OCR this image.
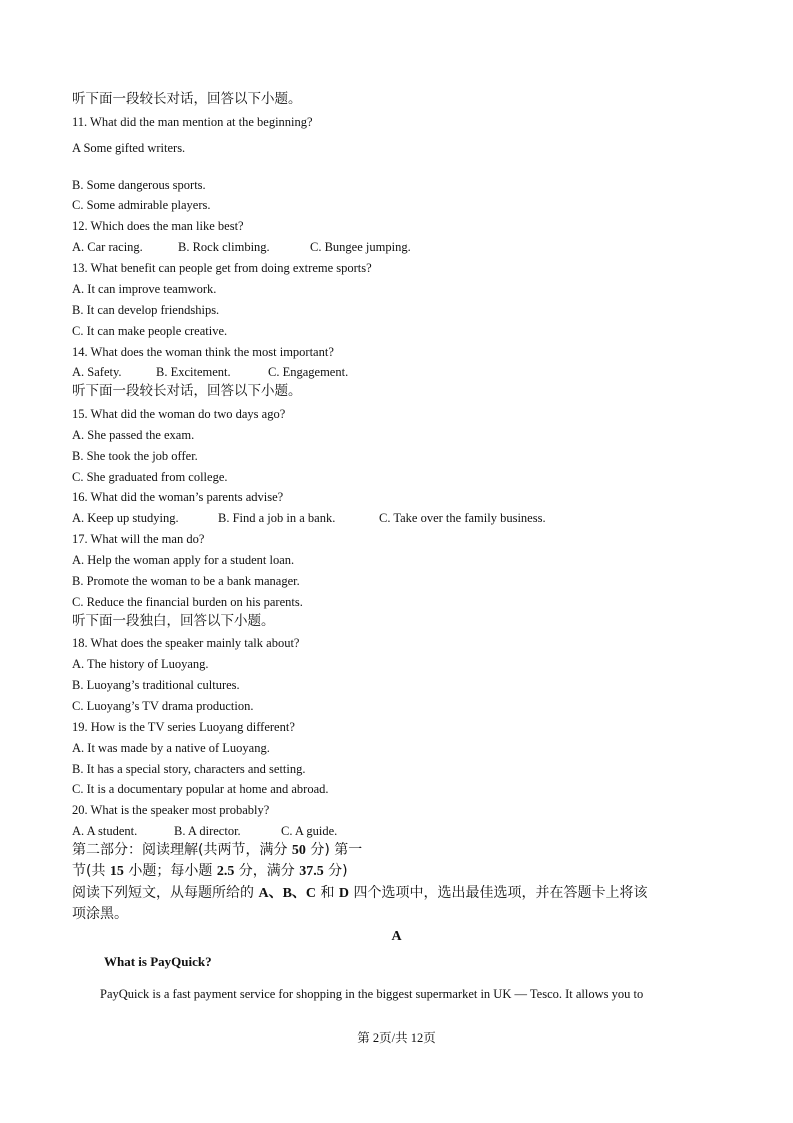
听下面一段较长对话，回答以下小题。
11. What did the man mention at the beginning?
A Some gifted writers.
B. Some dangerous sports.
C. Some admirable players.
12. Which does the man like best?
A. Car racing.	B. Rock climbing.	C. Bungee jumping.
13. What benefit can people get from doing extreme sports?
A. It can improve teamwork.
B. It can develop friendships.
C. It can make people creative.
14. What does the woman think the most important?
A. Safety.	B. Excitement.	C. Engagement.
听下面一段较长对话，回答以下小题。
15. What did the woman do two days ago?
A. She passed the exam.
B. She took the job offer.
C. She graduated from college.
16. What did the woman’s parents advise?
A. Keep up studying.	B. Find a job in a bank.	C. Take over the family business.
17. What will the man do?
A. Help the woman apply for a student loan.
B. Promote the woman to be a bank manager.
C. Reduce the financial burden on his parents.
听下面一段独白，回答以下小题。
18. What does the speaker mainly talk about?
A. The history of Luoyang.
B. Luoyang’s traditional cultures.
C. Luoyang’s TV drama production.
19. How is the TV series Luoyang different?
A. It was made by a native of Luoyang.
B. It has a special story, characters and setting.
C. It is a documentary popular at home and abroad.
20. What is the speaker most probably?
A. A student.	B. A director.	C. A guide.
第二部分：阅读理解(共两节，满分 50 分) 第一
节(共 15 小题；每小题 2.5 分，满分 37.5 分)
阅读下列短文，从每题所给的 A、B、C 和 D 四个选项中，选出最佳选项，并在答题卡上将该
项涂黑。
A
What is PayQuick?
PayQuick is a fast payment service for shopping in the biggest supermarket in UK — Tesco. It allows you to
第 2页/共 12页
